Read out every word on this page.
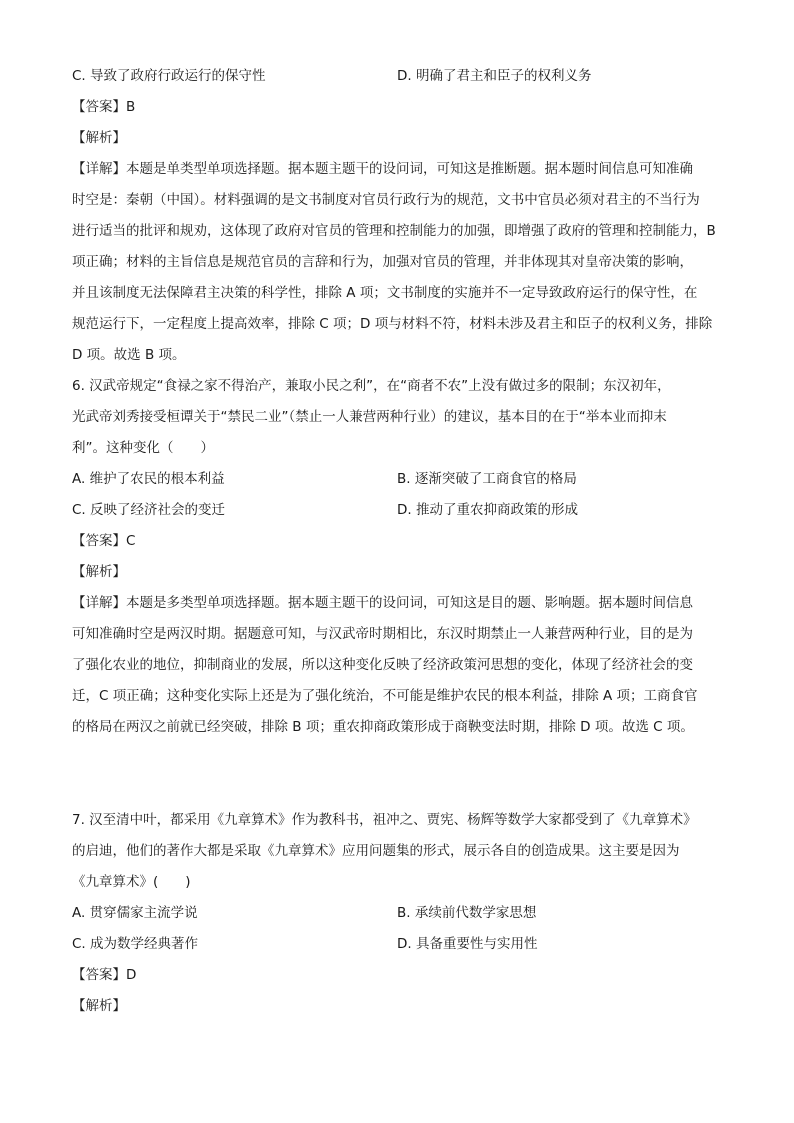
C. 导致了政府行政运行的保守性	D. 明确了君主和臣子的权利义务
【答案】B
【解析】
【详解】本题是单类型单项选择题。据本题主题干的设问词，可知这是推断题。据本题时间信息可知准确
时空是：秦朝（中国）。材料强调的是文书制度对官员行政行为的规范，文书中官员必须对君主的不当行为
进行适当的批评和规劝，这体现了政府对官员的管理和控制能力的加强，即增强了政府的管理和控制能力，B
项正确；材料的主旨信息是规范官员的言辞和行为，加强对官员的管理，并非体现其对皇帝决策的影响，
并且该制度无法保障君主决策的科学性，排除 A 项；文书制度的实施并不一定导致政府运行的保守性，在
规范运行下，一定程度上提高效率，排除 C 项；D 项与材料不符，材料未涉及君主和臣子的权利义务，排除
D 项。故选 B 项。
6. 汉武帝规定“食禄之家不得治产，兼取小民之利”，在“商者不农”上没有做过多的限制；东汉初年，
光武帝刘秀接受桓谭关于“禁民二业”（禁止一人兼营两种行业）的建议，基本目的在于“举本业而抑末
利”。这种变化（　　）
A. 维护了农民的根本利益	B. 逐渐突破了工商食官的格局
C. 反映了经济社会的变迁	D. 推动了重农抑商政策的形成
【答案】C
【解析】
【详解】本题是多类型单项选择题。据本题主题干的设问词，可知这是目的题、影响题。据本题时间信息
可知准确时空是两汉时期。据题意可知，与汉武帝时期相比，东汉时期禁止一人兼营两种行业，目的是为
了强化农业的地位，抑制商业的发展，所以这种变化反映了经济政策河思想的变化，体现了经济社会的变
迁，C 项正确；这种变化实际上还是为了强化统治，不可能是维护农民的根本利益，排除 A 项；工商食官
的格局在两汉之前就已经突破，排除 B 项；重农抑商政策形成于商鞅变法时期，排除 D 项。故选 C 项。
7. 汉至清中叶，都采用《九章算术》作为教科书，祖冲之、贾宪、杨辉等数学大家都受到了《九章算术》
的启迪，他们的著作大都是采取《九章算术》应用问题集的形式，展示各自的创造成果。这主要是因为
《九章算术》(　　)
A. 贯穿儒家主流学说	B. 承续前代数学家思想
C. 成为数学经典著作	D. 具备重要性与实用性
【答案】D
【解析】
